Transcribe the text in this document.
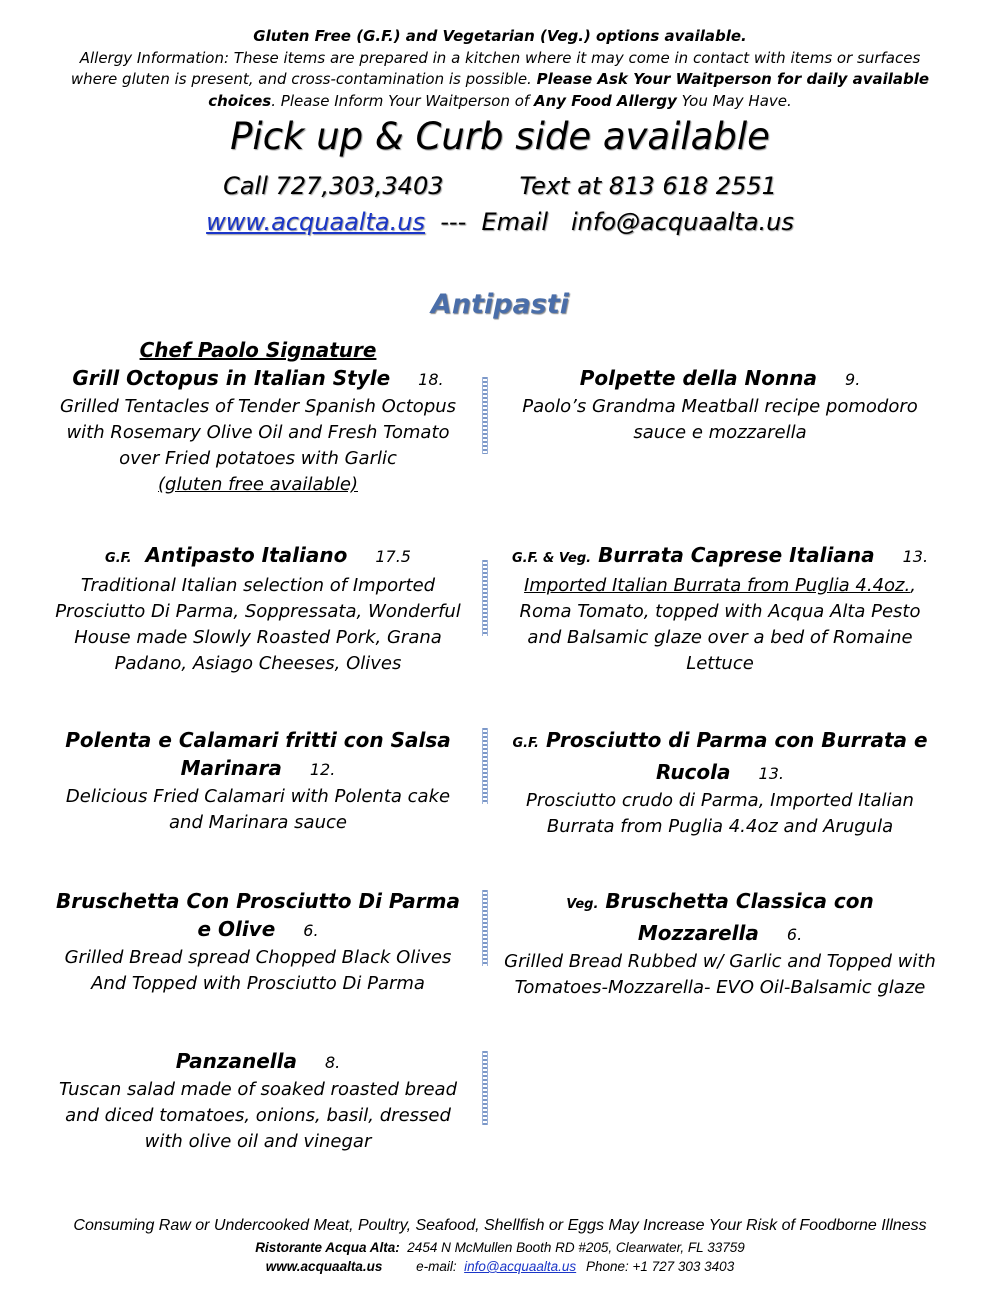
Gluten Free (G.F.) and Vegetarian (Veg.) options available.
Allergy Information: These items are prepared in a kitchen where it may come in contact with items or surfaces where gluten is present, and cross-contamination is possible. Please Ask Your Waitperson for daily available choices. Please Inform Your Waitperson of Any Food Allergy You May Have.
Pick up & Curb side available
Call 727,303,3403	Text at 813 618 2551
www.acquaalta.us --- Email info@acquaalta.us
Antipasti
Chef Paolo Signature
Grill Octopus in Italian Style 18.
Grilled Tentacles of Tender Spanish Octopus with Rosemary Olive Oil and Fresh Tomato over Fried potatoes with Garlic
(gluten free available)
Polpette della Nonna 9.
Paolo’s Grandma Meatball recipe pomodoro sauce e mozzarella
G.F. Antipasto Italiano 17.5
Traditional Italian selection of Imported Prosciutto Di Parma, Soppressata, Wonderful House made Slowly Roasted Pork, Grana Padano, Asiago Cheeses, Olives
G.F. & Veg. Burrata Caprese Italiana 13.
Imported Italian Burrata from Puglia 4.4oz., Roma Tomato, topped with Acqua Alta Pesto and Balsamic glaze over a bed of Romaine Lettuce
Polenta e Calamari fritti con Salsa Marinara 12.
Delicious Fried Calamari with Polenta cake and Marinara sauce
G.F. Prosciutto di Parma con Burrata e Rucola 13.
Prosciutto crudo di Parma, Imported Italian Burrata from Puglia 4.4oz and Arugula
Bruschetta Con Prosciutto Di Parma e Olive 6.
Grilled Bread spread Chopped Black Olives And Topped with Prosciutto Di Parma
Veg. Bruschetta Classica con Mozzarella 6.
Grilled Bread Rubbed w/ Garlic and Topped with Tomatoes-Mozzarella- EVO Oil-Balsamic glaze
Panzanella 8.
Tuscan salad made of soaked roasted bread and diced tomatoes, onions, basil, dressed with olive oil and vinegar
Consuming Raw or Undercooked Meat, Poultry, Seafood, Shellfish or Eggs May Increase Your Risk of Foodborne Illness
Ristorante Acqua Alta: 2454 N McMullen Booth RD #205, Clearwater, FL 33759
www.acquaalta.us	e-mail: info@acquaalta.us Phone: +1 727 303 3403
